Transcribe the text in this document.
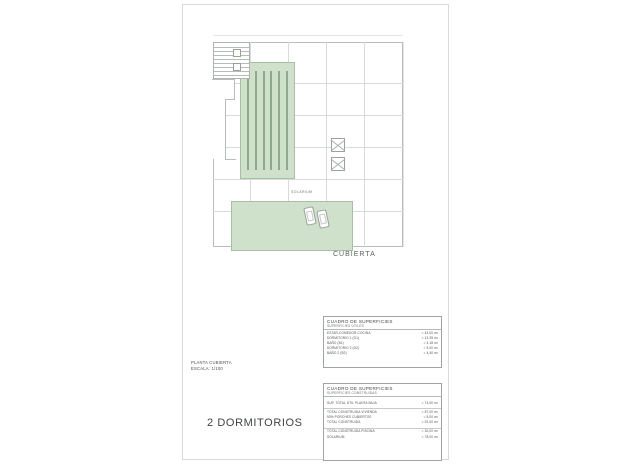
SOLARIUM
CUBIERTA
PLANTA CUBIERTA
ESCALA: 1/100
2 DORMITORIOS
CUADRO DE SUPERFICIES
SUPERFICIES ÚTILES
ESTAR-COMEDOR-COCINA	= 43,00 m²
DORMITORIO 1 (D1)	= 13,35 m²
BAÑO (B1)	= 4,18 m²
DORMITORIO 2 (D2)	= 9,00 m²
BAÑO 2 (B2)	= 4,40 m²
CUADRO DE SUPERFICIES
SUPERFICIES CONSTRUIDAS
SUP. TOTAL ÚTIL PLANTA BAJA	= 74,00 m²
TOTAL CONSTRUIDA VIVIENDA	= 87,00 m²
50% PORCHES CUBIERTOS	= 5,00 m²
TOTAL CONSTRUIDA	= 92,00 m²
TOTAL CONSTRUIDA PISCINA	= 32,00 m²
SOLARIUM	= 78,00 m²
